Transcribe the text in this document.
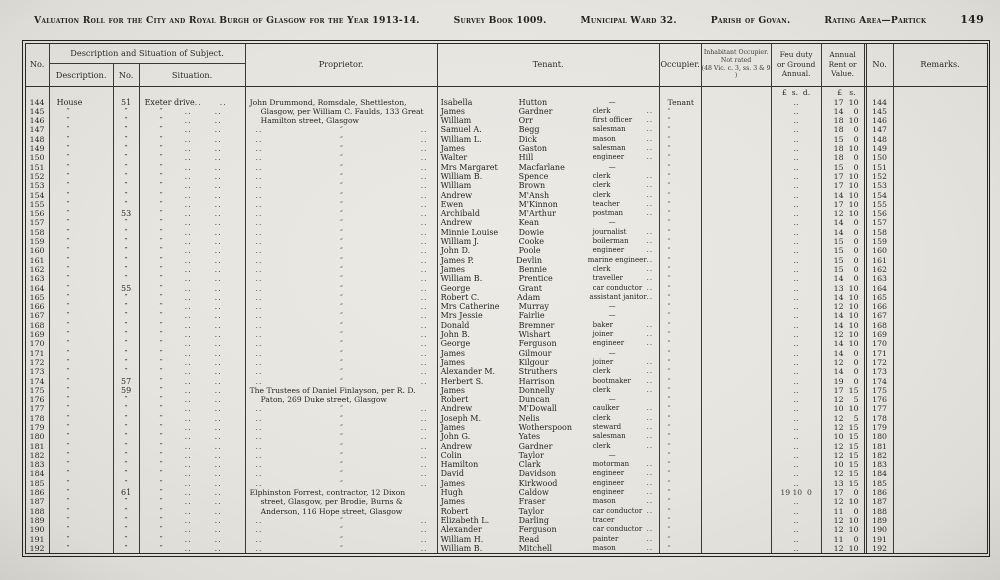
Valuation Roll for the City and Royal Burgh of Glasgow for the Year 1913-14.	Survey Book 1009.	Municipal Ward 32.	Parish of Govan.	Rating Area—Partick	149
No.
Description and Situation of Subject.
Description.	No.	Situation.
Proprietor.	Tenant.	Occupier.
Inhabitant Occupier.
Not rated
(48 Vic. c. 3, ss. 3 & 9 )
Feu duty
or Ground
Annual.
Annual
Rent or
Value.
No.	Remarks.
£  s.  d.	£   s.
144	House	51	Exeter drive ..	..	John Drummond, Romsdale, Shettleston,	Isabella	Hutton	—	Tenant	..	17 10	144
145	″	″	″	..	..	Glasgow, per William C. Faulds, 133 Great	James	Gardner	clerk	..	″	..	14	0	145
146	″	″	″	..	..	Hamilton street, Glasgow	William	Orr	first officer	..	″	..	18 10	146
147	″	″	″	..	..	..	″	..	Samuel A.	Begg	salesman	..	″	..	18	0	147
148	″	″	″	..	..	..	″	..	William L.	Dick	mason	..	″	..	15	0	148
149	″	″	″	..	..	..	″	..	James	Gaston	salesman	..	″	..	18 10	149
150	″	″	″	..	..	..	″	..	Walter	Hill	engineer	..	″	..	18	0	150
151	″	″	″	..	..	..	″	..	Mrs Margaret	Macfarlane	—	″	..	15	0	151
152	″	″	″	..	..	..	″	..	William B.	Spence	clerk	..	″	..	17 10	152
153	″	″	″	..	..	..	″	..	William	Brown	clerk	..	″	..	17 10	153
154	″	″	″	..	..	..	″	..	Andrew	M'Ansh	clerk	..	″	..	14 10	154
155	″	″	″	..	..	..	″	..	Ewen	M'Kinnon	teacher	..	″	..	17 10	155
156	″	53	″	..	..	..	″	..	Archibald	M'Arthur	postman	..	″	..	12 10	156
157	″	″	″	..	..	..	″	..	Andrew	Kean	—	″	..	14	0	157
158	″	″	″	..	..	..	″	..	Minnie Louise	Dowie	journalist	..	″	..	14	0	158
159	″	″	″	..	..	..	″	..	William J.	Cooke	boilerman	..	″	..	15	0	159
160	″	″	″	..	..	..	″	..	John D.	Poole	engineer	..	″	..	15	0	160
161	″	″	″	..	..	..	″	..	James P.	Devlin	marine engineer ..	″	..	15	0	161
162	″	″	″	..	..	..	″	..	James	Bennie	clerk	..	″	..	15	0	162
163	″	″	″	..	..	..	″	..	William B.	Prentice	traveller	..	″	..	14	0	163
164	″	55	″	..	..	..	″	..	George	Grant	car conductor ..	″	..	13 10	164
165	″	″	″	..	..	..	″	..	Robert C.	Adam	assistant janitor ..	″	..	14 10	165
166	″	″	″	..	..	..	″	..	Mrs Catherine	Murray	—	″	..	12 10	166
167	″	″	″	..	..	..	″	..	Mrs Jessie	Fairlie	—	″	..	14 10	167
168	″	″	″	..	..	..	″	..	Donald	Bremner	baker	..	″	..	14 10	168
169	″	″	″	..	..	..	″	..	John B.	Wishart	joiner	..	″	..	12 10	169
170	″	″	″	..	..	..	″	..	George	Ferguson	engineer	..	″	..	14 10	170
171	″	″	″	..	..	..	″	..	James	Gilmour	—	″	..	14	0	171
172	″	″	″	..	..	..	″	..	James	Kilgour	joiner	..	″	..	12	0	172
173	″	″	″	..	..	..	″	..	Alexander M.	Struthers	clerk	..	″	..	14	0	173
174	″	57	″	..	..	..	″	..	Herbert S.	Harrison	bootmaker	..	″	..	19	0	174
175	″	59	″	..	..	The Trustees of Daniel Finlayson, per R. D.	James	Donnelly	clerk	..	″	..	17 15	175
176	″	″	″	..	..	Paton, 269 Duke street, Glasgow	Robert	Duncan	—	″	..	12	5	176
177	″	″	″	..	..	..	″	..	Andrew	M'Dowall	caulker	..	″	..	10 10	177
178	″	″	″	..	..	..	″	..	Joseph M.	Nelis	clerk	..	″	..	12	5	178
179	″	″	″	..	..	..	″	..	James	Wotherspoon	steward	..	″	..	12 15	179
180	″	″	″	..	..	..	″	..	John G.	Yates	salesman	..	″	..	10 15	180
181	″	″	″	..	..	..	″	..	Andrew	Gardner	clerk	..	″	..	12 15	181
182	″	″	″	..	..	..	″	..	Colin	Taylor	—	″	..	12 15	182
183	″	″	″	..	..	..	″	..	Hamilton	Clark	motorman	..	″	..	10 15	183
184	″	″	″	..	..	..	″	..	David	Davidson	engineer	..	″	..	12 15	184
185	″	″	″	..	..	..	″	..	James	Kirkwood	engineer	..	″	..	13 15	185
186	″	61	″	..	..	Elphinston Forrest, contractor, 12 Dixon	Hugh	Caldow	engineer	..	″	19 10  0	17	0	186
187	″	″	″	..	..	street, Glasgow, per Brodie, Burns &	James	Fraser	mason	..	″	..	12 10	187
188	″	″	″	..	..	Anderson, 116 Hope street, Glasgow	Robert	Taylor	car conductor ..	″	..	11	0	188
189	″	″	″	..	..	..	″	..	Elizabeth L.	Darling	tracer	″	..	12 10	189
190	″	″	″	..	..	..	″	..	Alexander	Ferguson	car conductor ..	″	..	12 10	190
191	″	″	″	..	..	..	″	..	William H.	Read	painter	..	″	..	11	0	191
192	″	″	″	..	..	..	″	..	William B.	Mitchell	mason	..	″	..	12 10	192
